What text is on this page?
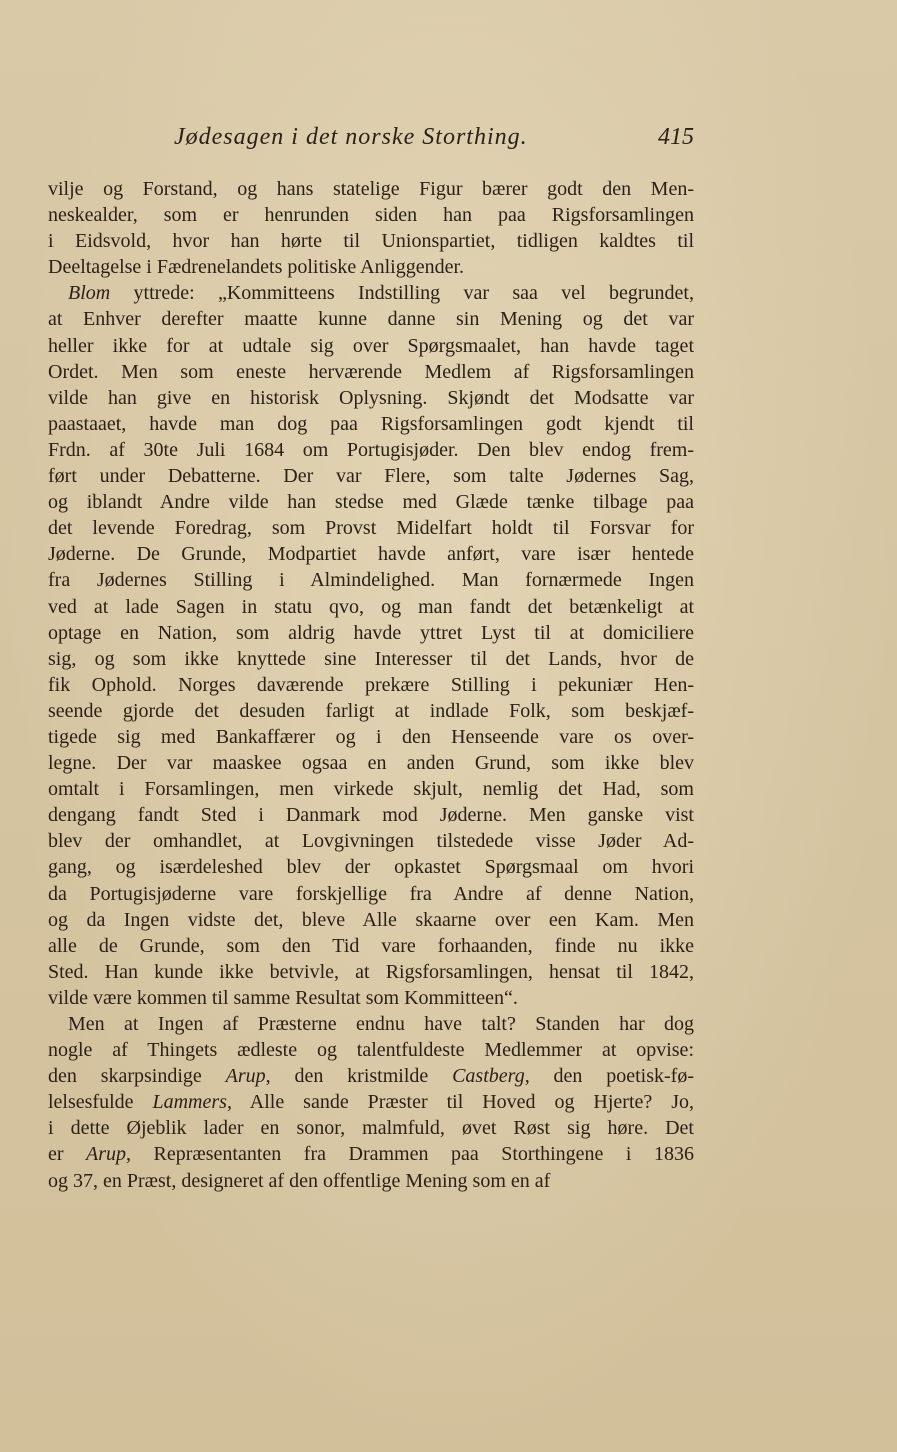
Jødesagen i det norske Storthing.	415
vilje og Forstand, og hans statelige Figur bærer godt den Men-
neskealder, som er henrunden siden han paa Rigsforsamlingen
i Eidsvold, hvor han hørte til Unionspartiet, tidligen kaldtes til
Deeltagelse i Fædrenelandets politiske Anliggender.
Blom yttrede: „Kommitteens Indstilling var saa vel begrundet,
at Enhver derefter maatte kunne danne sin Mening og det var
heller ikke for at udtale sig over Spørgsmaalet, han havde taget
Ordet. Men som eneste herværende Medlem af Rigsforsamlingen
vilde han give en historisk Oplysning. Skjøndt det Modsatte var
paastaaet, havde man dog paa Rigsforsamlingen godt kjendt til
Frdn. af 30te Juli 1684 om Portugisjøder. Den blev endog frem-
ført under Debatterne. Der var Flere, som talte Jødernes Sag,
og iblandt Andre vilde han stedse med Glæde tænke tilbage paa
det levende Foredrag, som Provst Midelfart holdt til Forsvar for
Jøderne. De Grunde, Modpartiet havde anført, vare især hentede
fra Jødernes Stilling i Almindelighed. Man fornærmede Ingen
ved at lade Sagen in statu qvo, og man fandt det betænkeligt at
optage en Nation, som aldrig havde yttret Lyst til at domiciliere
sig, og som ikke knyttede sine Interesser til det Lands, hvor de
fik Ophold. Norges daværende prekære Stilling i pekuniær Hen-
seende gjorde det desuden farligt at indlade Folk, som beskjæf-
tigede sig med Bankaffærer og i den Henseende vare os over-
legne. Der var maaskee ogsaa en anden Grund, som ikke blev
omtalt i Forsamlingen, men virkede skjult, nemlig det Had, som
dengang fandt Sted i Danmark mod Jøderne. Men ganske vist
blev der omhandlet, at Lovgivningen tilstedede visse Jøder Ad-
gang, og isærdeleshed blev der opkastet Spørgsmaal om hvori
da Portugisjøderne vare forskjellige fra Andre af denne Nation,
og da Ingen vidste det, bleve Alle skaarne over een Kam. Men
alle de Grunde, som den Tid vare forhaanden, finde nu ikke
Sted. Han kunde ikke betvivle, at Rigsforsamlingen, hensat til 1842,
vilde være kommen til samme Resultat som Kommitteen“.
Men at Ingen af Præsterne endnu have talt? Standen har dog
nogle af Thingets ædleste og talentfuldeste Medlemmer at opvise:
den skarpsindige Arup, den kristmilde Castberg, den poetisk-fø-
lelsesfulde Lammers, Alle sande Præster til Hoved og Hjerte? Jo,
i dette Øjeblik lader en sonor, malmfuld, øvet Røst sig høre. Det
er Arup, Repræsentanten fra Drammen paa Storthingene i 1836
og 37, en Præst, designeret af den offentlige Mening som en af
